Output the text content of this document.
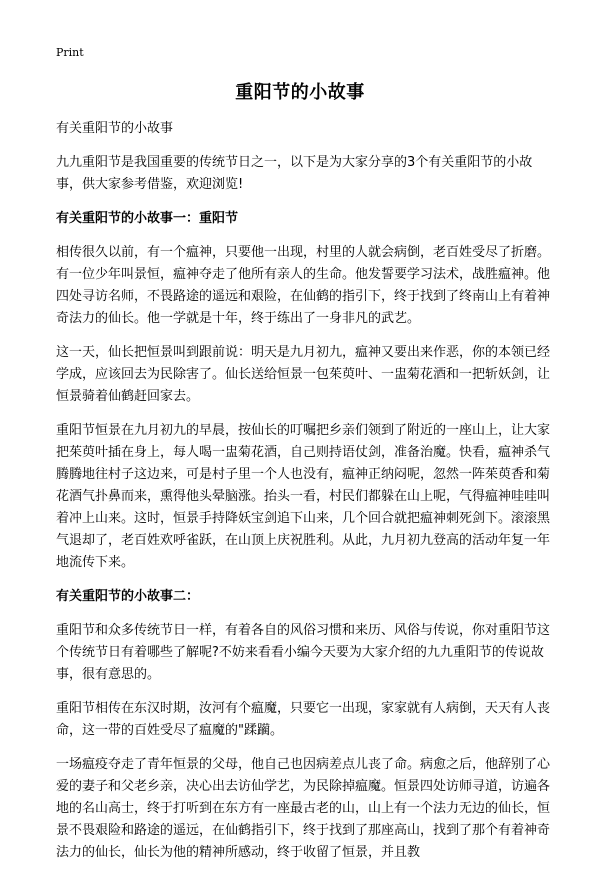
Print
重阳节的小故事

有关重阳节的小故事

九九重阳节是我国重要的传统节日之一，以下是为大家分享的3个有关重阳节的小故事，供大家参考借鉴，欢迎浏览!

有关重阳节的小故事一：重阳节

相传很久以前，有一个瘟神，只要他一出现，村里的人就会病倒，老百姓受尽了折磨。有一位少年叫景恒，瘟神夺走了他所有亲人的生命。他发誓要学习法术，战胜瘟神。他四处寻访名师，不畏路途的遥远和艰险，在仙鹤的指引下，终于找到了终南山上有着神奇法力的仙长。他一学就是十年，终于练出了一身非凡的武艺。

这一天，仙长把恒景叫到跟前说：明天是九月初九，瘟神又要出来作恶，你的本领已经学成，应该回去为民除害了。仙长送给恒景一包茱萸叶、一盅菊花酒和一把斩妖剑，让恒景骑着仙鹤赶回家去。

重阳节恒景在九月初九的早晨，按仙长的叮嘱把乡亲们领到了附近的一座山上，让大家把茱萸叶插在身上，每人喝一盅菊花酒，自己则持语仗剑，准备治魔。快看，瘟神杀气腾腾地往村子这边来，可是村子里一个人也没有，瘟神正纳闷呢，忽然一阵茱萸香和菊花酒气扑鼻而来，熏得他头晕脑涨。抬头一看，村民们都躲在山上呢，气得瘟神哇哇叫着冲上山来。这时，恒景手持降妖宝剑追下山来，几个回合就把瘟神刺死剑下。滚滚黑气退却了，老百姓欢呼雀跃，在山顶上庆祝胜利。从此，九月初九登高的活动年复一年地流传下来。

有关重阳节的小故事二：

重阳节和众多传统节日一样，有着各自的风俗习惯和来历、风俗与传说，你对重阳节这个传统节日有着哪些了解呢?不妨来看看小编今天要为大家介绍的九九重阳节的传说故事，很有意思的。

重阳节相传在东汉时期，汝河有个瘟魔，只要它一出现，家家就有人病倒，天天有人丧命，这一带的百姓受尽了瘟魔的"蹂躏。

一场瘟疫夺走了青年恒景的父母，他自己也因病差点儿丧了命。病愈之后，他辞别了心爱的妻子和父老乡亲，决心出去访仙学艺，为民除掉瘟魔。恒景四处访师寻道，访遍各地的名山高士，终于打听到在东方有一座最古老的山，山上有一个法力无边的仙长，恒景不畏艰险和路途的遥远，在仙鹤指引下，终于找到了那座高山，找到了那个有着神奇法力的仙长，仙长为他的精神所感动，终于收留了恒景，并且教
